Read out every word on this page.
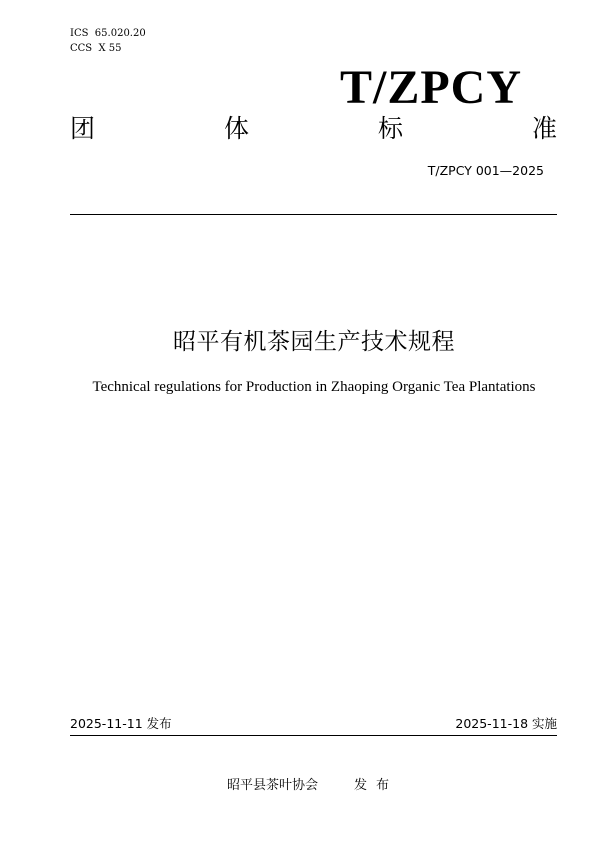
ICS  65.020.20
CCS  X 55
T/ZPCY
团	体	标	准
T/ZPCY 001—2025
昭平有机茶园生产技术规程
Technical regulations for Production in Zhaoping Organic Tea Plantations
2025-11-11 发布	2025-11-18 实施
昭平县茶叶协会	发布
